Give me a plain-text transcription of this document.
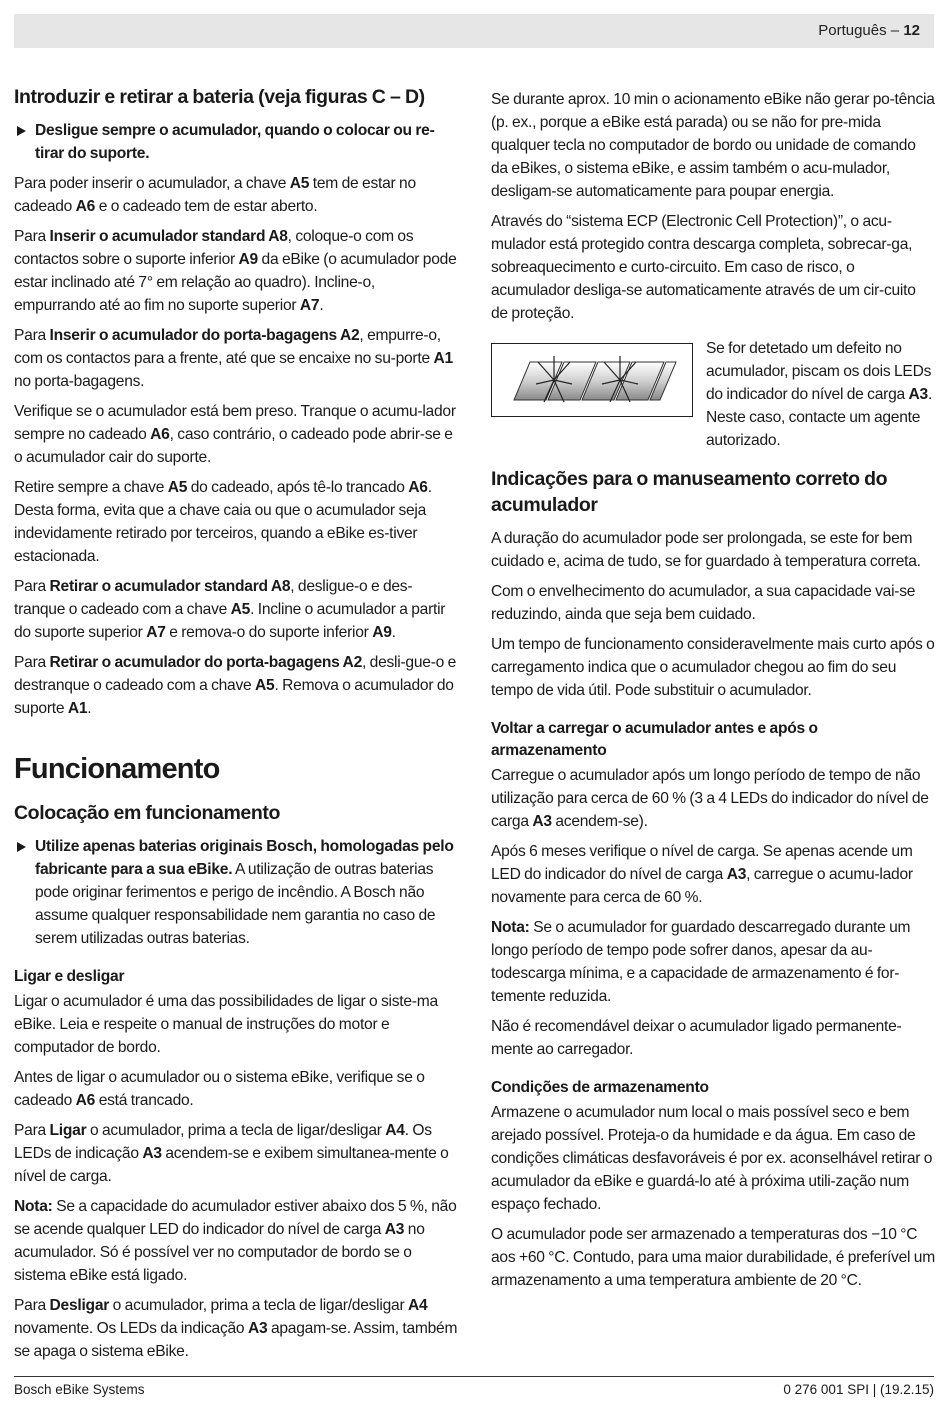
Português – 12
Introduzir e retirar a bateria (veja figuras C – D)
Desligue sempre o acumulador, quando o colocar ou re-tirar do suporte.

Para poder inserir o acumulador, a chave A5 tem de estar no cadeado A6 e o cadeado tem de estar aberto.

Para Inserir o acumulador standard A8, coloque-o com os contactos sobre o suporte inferior A9 da eBike (o acumulador pode estar inclinado até 7° em relação ao quadro). Incline-o, empurrando até ao fim no suporte superior A7.

Para Inserir o acumulador do porta-bagagens A2, empurre-o, com os contactos para a frente, até que se encaixe no su-porte A1 no porta-bagagens.

Verifique se o acumulador está bem preso. Tranque o acumu-lador sempre no cadeado A6, caso contrário, o cadeado pode abrir-se e o acumulador cair do suporte.

Retire sempre a chave A5 do cadeado, após tê-lo trancado A6. Desta forma, evita que a chave caia ou que o acumulador seja indevidamente retirado por terceiros, quando a eBike es-tiver estacionada.

Para Retirar o acumulador standard A8, desligue-o e des-tranque o cadeado com a chave A5. Incline o acumulador a partir do suporte superior A7 e remova-o do suporte inferior A9.

Para Retirar o acumulador do porta-bagagens A2, desli-gue-o e destranque o cadeado com a chave A5. Remova o acumulador do suporte A1.

Funcionamento
Colocação em funcionamento
Utilize apenas baterias originais Bosch, homologadas pelo fabricante para a sua eBike. A utilização de outras baterias pode originar ferimentos e perigo de incêndio. A Bosch não assume qualquer responsabilidade nem garantia no caso de serem utilizadas outras baterias.
Ligar e desligar

Ligar o acumulador é uma das possibilidades de ligar o siste-ma eBike. Leia e respeite o manual de instruções do motor e computador de bordo.

Antes de ligar o acumulador ou o sistema eBike, verifique se o cadeado A6 está trancado.

Para Ligar o acumulador, prima a tecla de ligar/desligar A4. Os LEDs de indicação A3 acendem-se e exibem simultanea-mente o nível de carga.

Nota: Se a capacidade do acumulador estiver abaixo dos 5 %, não se acende qualquer LED do indicador do nível de carga A3 no acumulador. Só é possível ver no computador de bordo se o sistema eBike está ligado.

Para Desligar o acumulador, prima a tecla de ligar/desligar A4 novamente. Os LEDs da indicação A3 apagam-se. Assim, também se apaga o sistema eBike.

Se durante aprox. 10 min o acionamento eBike não gerar po-tência (p. ex., porque a eBike está parada) ou se não for pre-mida qualquer tecla no computador de bordo ou unidade de comando da eBikes, o sistema eBike, e assim também o acu-mulador, desligam-se automaticamente para poupar energia.

Através do “sistema ECP (Electronic Cell Protection)”, o acu-mulador está protegido contra descarga completa, sobrecar-ga, sobreaquecimento e curto-circuito. Em caso de risco, o acumulador desliga-se automaticamente através de um cir-cuito de proteção.

Se for detetado um defeito no acumulador, piscam os dois LEDs do indicador do nível de carga A3. Neste caso, contacte um agente autorizado.

Indicações para o manuseamento correto do acumulador

A duração do acumulador pode ser prolongada, se este for bem cuidado e, acima de tudo, se for guardado à temperatura correta.

Com o envelhecimento do acumulador, a sua capacidade vai-se reduzindo, ainda que seja bem cuidado.

Um tempo de funcionamento consideravelmente mais curto após o carregamento indica que o acumulador chegou ao fim do seu tempo de vida útil. Pode substituir o acumulador.

Voltar a carregar o acumulador antes e após o armazenamento

Carregue o acumulador após um longo período de tempo de não utilização para cerca de 60 % (3 a 4 LEDs do indicador do nível de carga A3 acendem-se).

Após 6 meses verifique o nível de carga. Se apenas acende um LED do indicador do nível de carga A3, carregue o acumu-lador novamente para cerca de 60 %.

Nota: Se o acumulador for guardado descarregado durante um longo período de tempo pode sofrer danos, apesar da au-todescarga mínima, e a capacidade de armazenamento é for-temente reduzida.

Não é recomendável deixar o acumulador ligado permanente-mente ao carregador.

Condições de armazenamento

Armazene o acumulador num local o mais possível seco e bem arejado possível. Proteja-o da humidade e da água. Em caso de condições climáticas desfavoráveis é por ex. aconselhável retirar o acumulador da eBike e guardá-lo até à próxima utili-zação num espaço fechado.

O acumulador pode ser armazenado a temperaturas dos −10 °C aos +60 °C. Contudo, para uma maior durabilidade, é preferível um armazenamento a uma temperatura ambiente de 20 °C.

Bosch eBike Systems	0 276 001 SPI | (19.2.15)
